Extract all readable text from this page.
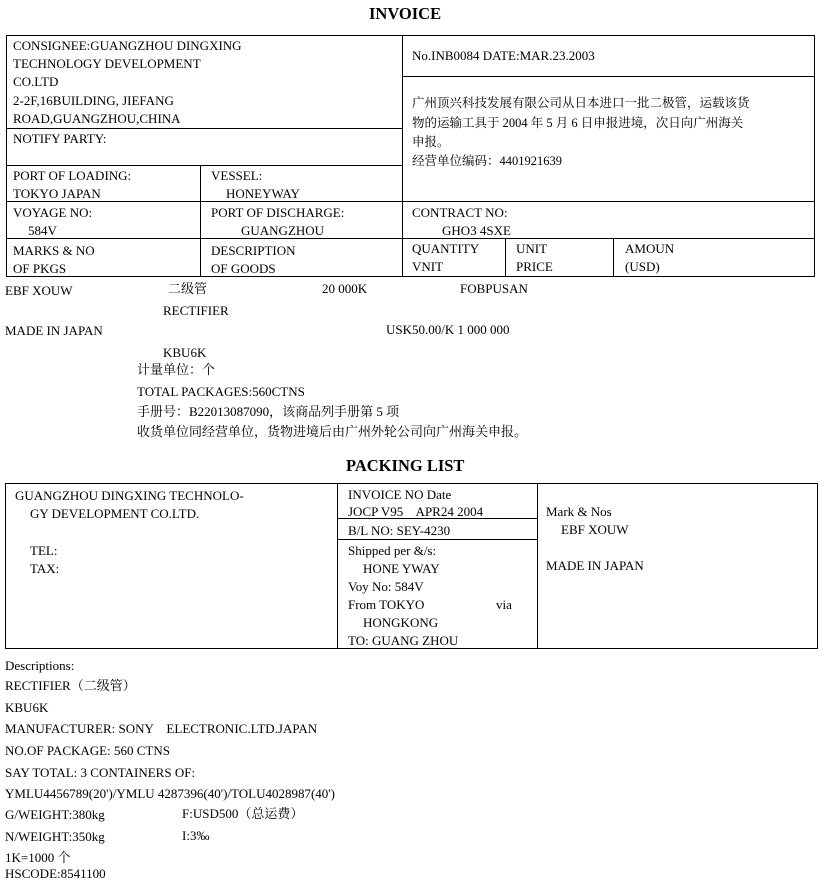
INVOICE
CONSIGNEE:GUANGZHOU DINGXING
TECHNOLOGY DEVELOPMENT
CO.LTD
2-2F,16BUILDING, JIEFANG
ROAD,GUANGZHOU,CHINA
No.INB0084 DATE:MAR.23.2003
广州顶兴科技发展有限公司从日本进口一批二极管，运载该货
物的运输工具于 2004 年 5 月 6 日申报进境，次日向广州海关
申报。
经营单位编码：4401921639
NOTIFY PARTY:
PORT OF LOADING:
TOKYO JAPAN
VESSEL:
HONEYWAY
VOYAGE NO:
584V
PORT OF DISCHARGE:
GUANGZHOU
CONTRACT NO:
GHO3 4SXE
MARKS & NO
OF PKGS
DESCRIPTION
OF GOODS
QUANTITY
VNIT
UNIT
PRICE
AMOUN
(USD)
EBF XOUW	二级管	20 000K	FOBPUSAN
RECTIFIER
MADE IN JAPAN	USK50.00/K 1 000 000
KBU6K
计量单位：个
TOTAL PACKAGES:560CTNS
手册号：B22013087090，该商品列手册第 5 项
收货单位同经营单位，货物进境后由广州外轮公司向广州海关申报。
PACKING LIST
GUANGZHOU DINGXING TECHNOLO-
GY DEVELOPMENT CO.LTD.
TEL:
TAX:
INVOICE NO Date
JOCP V95    APR24 2004
B/L NO: SEY-4230
Shipped per &/s:
HONE YWAY
Voy No: 584V
From TOKYO	via
HONGKONG
TO: GUANG ZHOU
Mark & Nos
EBF XOUW
MADE IN JAPAN
Descriptions:
RECTIFIER（二级管）
KBU6K
MANUFACTURER: SONY    ELECTRONIC.LTD.JAPAN
NO.OF PACKAGE: 560 CTNS
SAY TOTAL: 3 CONTAINERS OF:
YMLU4456789(20')/YMLU 4287396(40')/TOLU4028987(40')
G/WEIGHT:380kg	F:USD500（总运费）
N/WEIGHT:350kg	I:3‰
1K=1000 个
HSCODE:8541100
